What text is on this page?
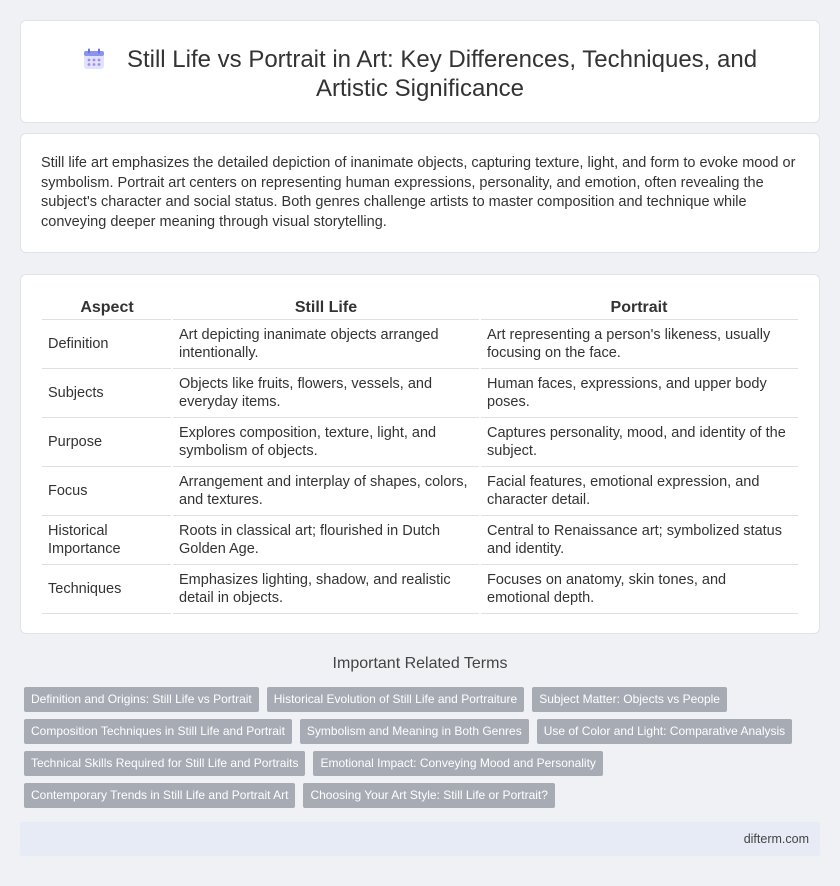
Still Life vs Portrait in Art: Key Differences, Techniques, and
Artistic Significance

Still life art emphasizes the detailed depiction of inanimate objects, capturing texture, light, and form to evoke mood or symbolism. Portrait art centers on representing human expressions, personality, and emotion, often revealing the subject's character and social status. Both genres challenge artists to master composition and technique while conveying deeper meaning through visual storytelling.

Aspect	Still Life	Portrait
Definition	Art depicting inanimate objects arranged intentionally.	Art representing a person's likeness, usually focusing on the face.
Subjects	Objects like fruits, flowers, vessels, and everyday items.	Human faces, expressions, and upper body poses.
Purpose	Explores composition, texture, light, and symbolism of objects.	Captures personality, mood, and identity of the subject.
Focus	Arrangement and interplay of shapes, colors, and textures.	Facial features, emotional expression, and character detail.
Historical Importance	Roots in classical art; flourished in Dutch Golden Age.	Central to Renaissance art; symbolized status and identity.
Techniques	Emphasizes lighting, shadow, and realistic detail in objects.	Focuses on anatomy, skin tones, and emotional depth.
Important Related Terms
Definition and Origins: Still Life vs Portrait	Historical Evolution of Still Life and Portraiture	Subject Matter: Objects vs People
Composition Techniques in Still Life and Portrait	Symbolism and Meaning in Both Genres	Use of Color and Light: Comparative Analysis
Technical Skills Required for Still Life and Portraits	Emotional Impact: Conveying Mood and Personality
Contemporary Trends in Still Life and Portrait Art	Choosing Your Art Style: Still Life or Portrait?
difterm.com
